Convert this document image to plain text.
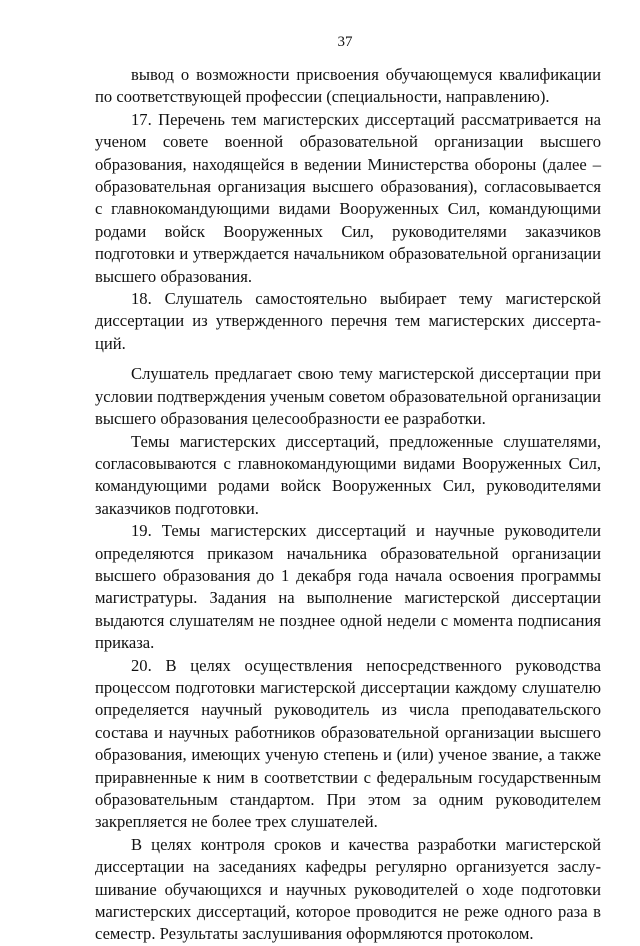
37

вывод о возможности присвоения обучающемуся квалификации по соответствующей профессии (специальности, направлению).

17. Перечень тем магистерских диссертаций рассматривается на ученом совете военной образовательной организации высшего образования, находящейся в ведении Министерства обороны (далее – образовательная организация высшего образования), согласовывается с главнокомандующими видами Вооруженных Сил, командующими родами войск Вооруженных Сил, руководителями заказчиков подготовки и утверждается начальником образовательной организации высшего образования.

18. Слушатель самостоятельно выбирает тему магистерской диссертации из утвержденного перечня тем магистерских диссертаций.

Слушатель предлагает свою тему магистерской диссертации при условии подтверждения ученым советом образовательной организации высшего образования целесообразности ее разработки.

Темы магистерских диссертаций, предложенные слушателями, согласовываются с главнокомандующими видами Вооруженных Сил, командующими родами войск Вооруженных Сил, руководителями заказчиков подготовки.

19. Темы магистерских диссертаций и научные руководители определяются приказом начальника образовательной организации высшего образования до 1 декабря года начала освоения программы магистратуры. Задания на выполнение магистерской диссертации выдаются слушателям не позднее одной недели с момента подписания приказа.

20. В целях осуществления непосредственного руководства процессом подготовки магистерской диссертации каждому слушателю определяется научный руководитель из числа преподавательского состава и научных работников образовательной организации высшего образования, имеющих ученую степень и (или) ученое звание, а также приравненные к ним в соответствии с федеральным государственным образовательным стандартом. При этом за одним руководителем закрепляется не более трех слушателей.

В целях контроля сроков и качества разработки магистерской диссертации на заседаниях кафедры регулярно организуется заслушивание обучающихся и научных руководителей о ходе подготовки магистерских диссертаций, которое проводится не реже одного раза в семестр. Результаты заслушивания оформляются протоколом.
